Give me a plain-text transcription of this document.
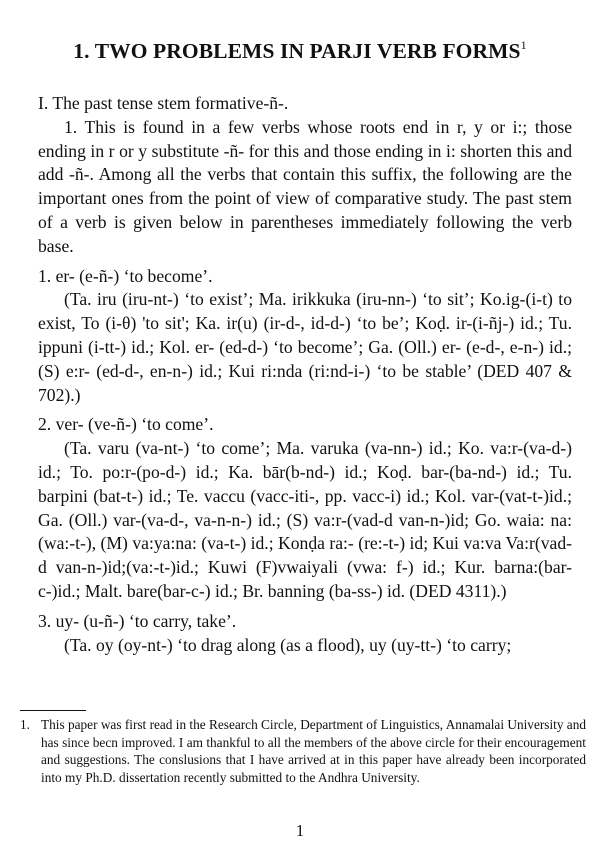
1. TWO PROBLEMS IN PARJI VERB FORMS$^1$

I. The past tense stem formative-ñ-.

1. This is found in a few verbs whose roots end in r, y or i:; those ending in r or y substitute -ñ- for this and those ending in i: shorten this and add -ñ-. Among all the verbs that contain this suffix, the following are the important ones from the point of view of comparative study. The past stem of a verb is given below in parentheses immediately following the verb base.

1. er- (e-ñ-) ‘to become’.

(Ta. iru (iru-nt-) ‘to exist’; Ma. irikkuka (iru-nn-) ‘to sit’; Ko.ig-(i-t) to exist, To (i-θ) 'to sit'; Ka. ir(u) (ir-d-, id-d-) ‘to be’; Koḍ. ir-(i-ñj-) id.; Tu. ippuni (i-tt-) id.; Kol. er- (ed-d-) ‘to become’; Ga. (Oll.) er- (e-d-, e-n-) id.; (S) e:r- (ed-d-, en-n-) id.; Kui ri:nda (ri:nd-i-) ‘to be stable’ (DED 407 & 702).)

2. ver- (ve-ñ-) ‘to come’.

(Ta. varu (va-nt-) ‘to come’; Ma. varuka (va-nn-) id.; Ko. va:r-(va-d-) id.; To. po:r-(po-d-) id.; Ka. bār(b-nd-) id.; Koḍ. bar-(ba-nd-) id.; Tu. barpini (bat-t-) id.; Te. vaccu (vacc-iti-, pp. vacc-i) id.; Kol. var-(vat-t-)id.; Ga. (Oll.) var-(va-d-, va-n-n-) id.; (S) va:r-(vad-d van-n-)id; Go. waia: na: (wa:-t-), (M) va:ya:na: (va-t-) id.; Konḍa ra:- (re:-t-) id; Kui va:va Va:r(vad-d van-n-)id;(va:-t-)id.; Kuwi (F)vwaiyali (vwa: f-) id.; Kur. barna:(bar-c-)id.; Malt. bare(bar-c-) id.; Br. banning (ba-ss-) id. (DED 4311).)

3. uy- (u-ñ-) ‘to carry, take’.

(Ta. oy (oy-nt-) ‘to drag along (as a flood), uy (uy-tt-) ‘to carry;

1. This paper was first read in the Research Circle, Department of Linguistics, Annamalai University and has since becn improved. I am thankful to all the members of the above circle for their encouragement and suggestions. The conslusions that I have arrived at in this paper have already been incorporated into my Ph.D. dissertation recently submitted to the Andhra University.
1
